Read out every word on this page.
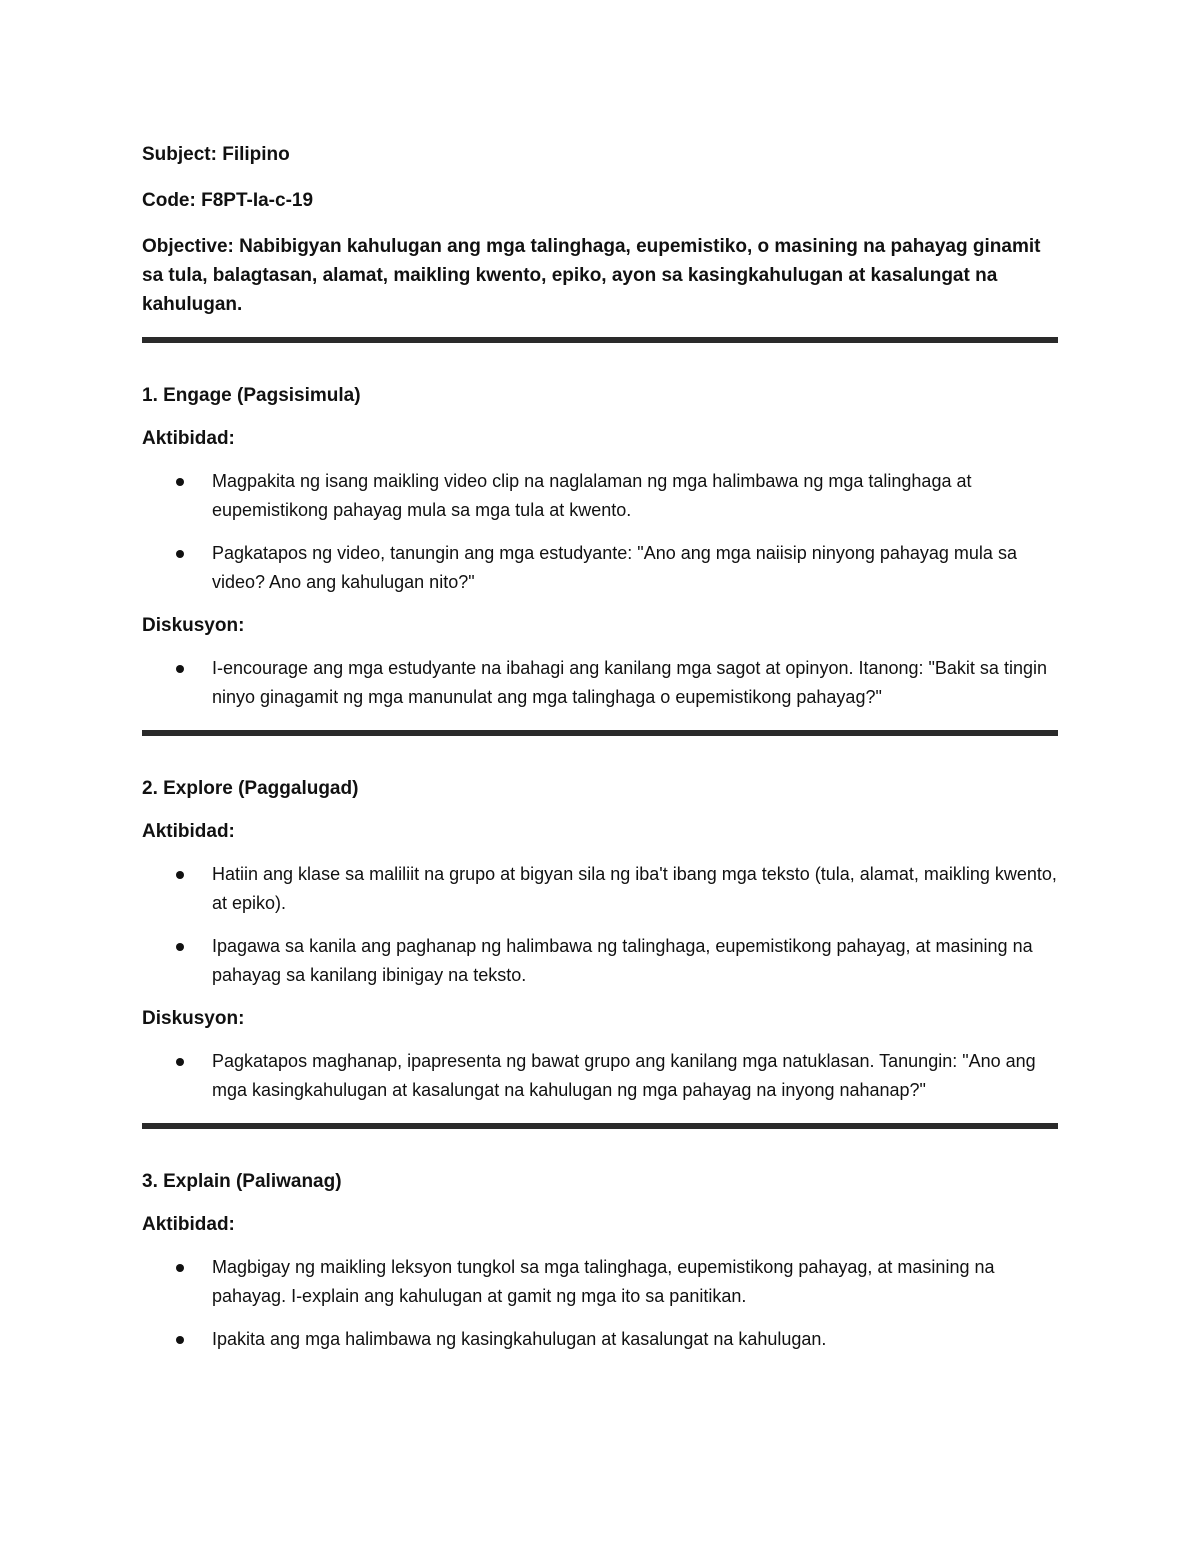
Subject: Filipino

Code: F8PT-Ia-c-19

Objective: Nabibigyan kahulugan ang mga talinghaga, eupemistiko, o masining na pahayag ginamit sa tula, balagtasan, alamat, maikling kwento, epiko, ayon sa kasingkahulugan at kasalungat na kahulugan.

1. Engage (Pagsisimula)

Aktibidad:

Magpakita ng isang maikling video clip na naglalaman ng mga halimbawa ng mga talinghaga at eupemistikong pahayag mula sa mga tula at kwento.
Pagkatapos ng video, tanungin ang mga estudyante: "Ano ang mga naiisip ninyong pahayag mula sa video? Ano ang kahulugan nito?"

Diskusyon:

I-encourage ang mga estudyante na ibahagi ang kanilang mga sagot at opinyon. Itanong: "Bakit sa tingin ninyo ginagamit ng mga manunulat ang mga talinghaga o eupemistikong pahayag?"

2. Explore (Paggalugad)

Aktibidad:

Hatiin ang klase sa maliliit na grupo at bigyan sila ng iba't ibang mga teksto (tula, alamat, maikling kwento, at epiko).
Ipagawa sa kanila ang paghanap ng halimbawa ng talinghaga, eupemistikong pahayag, at masining na pahayag sa kanilang ibinigay na teksto.

Diskusyon:

Pagkatapos maghanap, ipapresenta ng bawat grupo ang kanilang mga natuklasan. Tanungin: "Ano ang mga kasingkahulugan at kasalungat na kahulugan ng mga pahayag na inyong nahanap?"

3. Explain (Paliwanag)

Aktibidad:

Magbigay ng maikling leksyon tungkol sa mga talinghaga, eupemistikong pahayag, at masining na pahayag. I-explain ang kahulugan at gamit ng mga ito sa panitikan.
Ipakita ang mga halimbawa ng kasingkahulugan at kasalungat na kahulugan.
